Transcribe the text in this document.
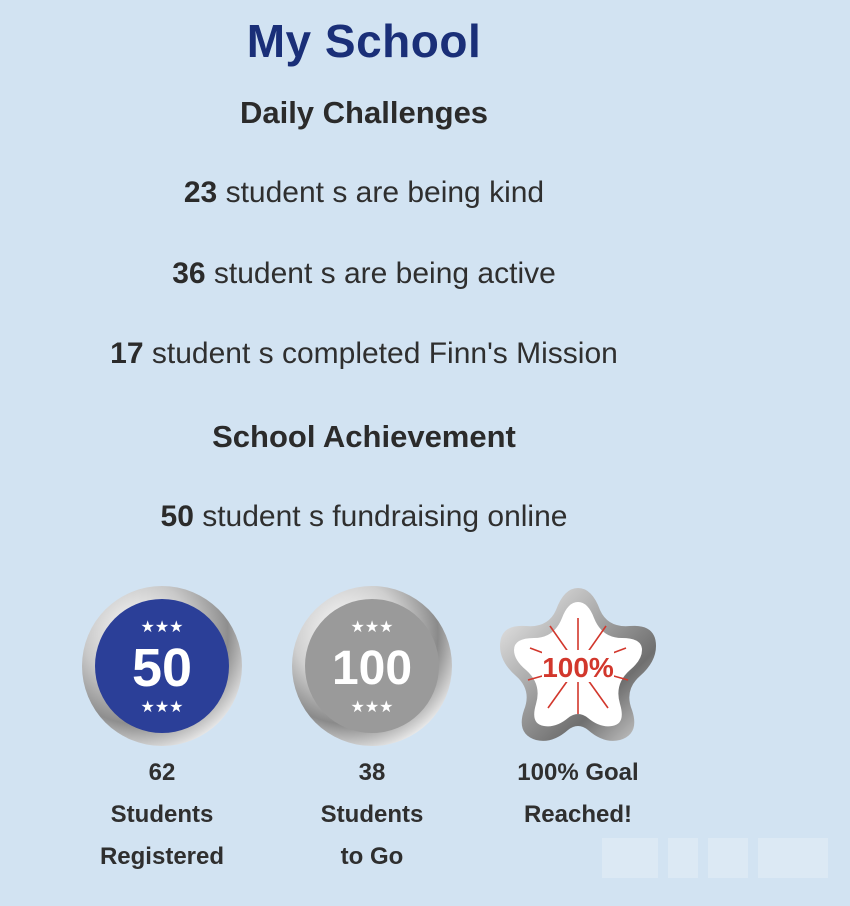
My School
Daily Challenges
23 student s are being kind
36 student s are being active
17 student s completed Finn's Mission
School Achievement
50 student s fundraising online
★★★
★★★
50
★★★
★★★
100	100%
62
Students
Registered
38
Students
to Go
100% Goal
Reached!
